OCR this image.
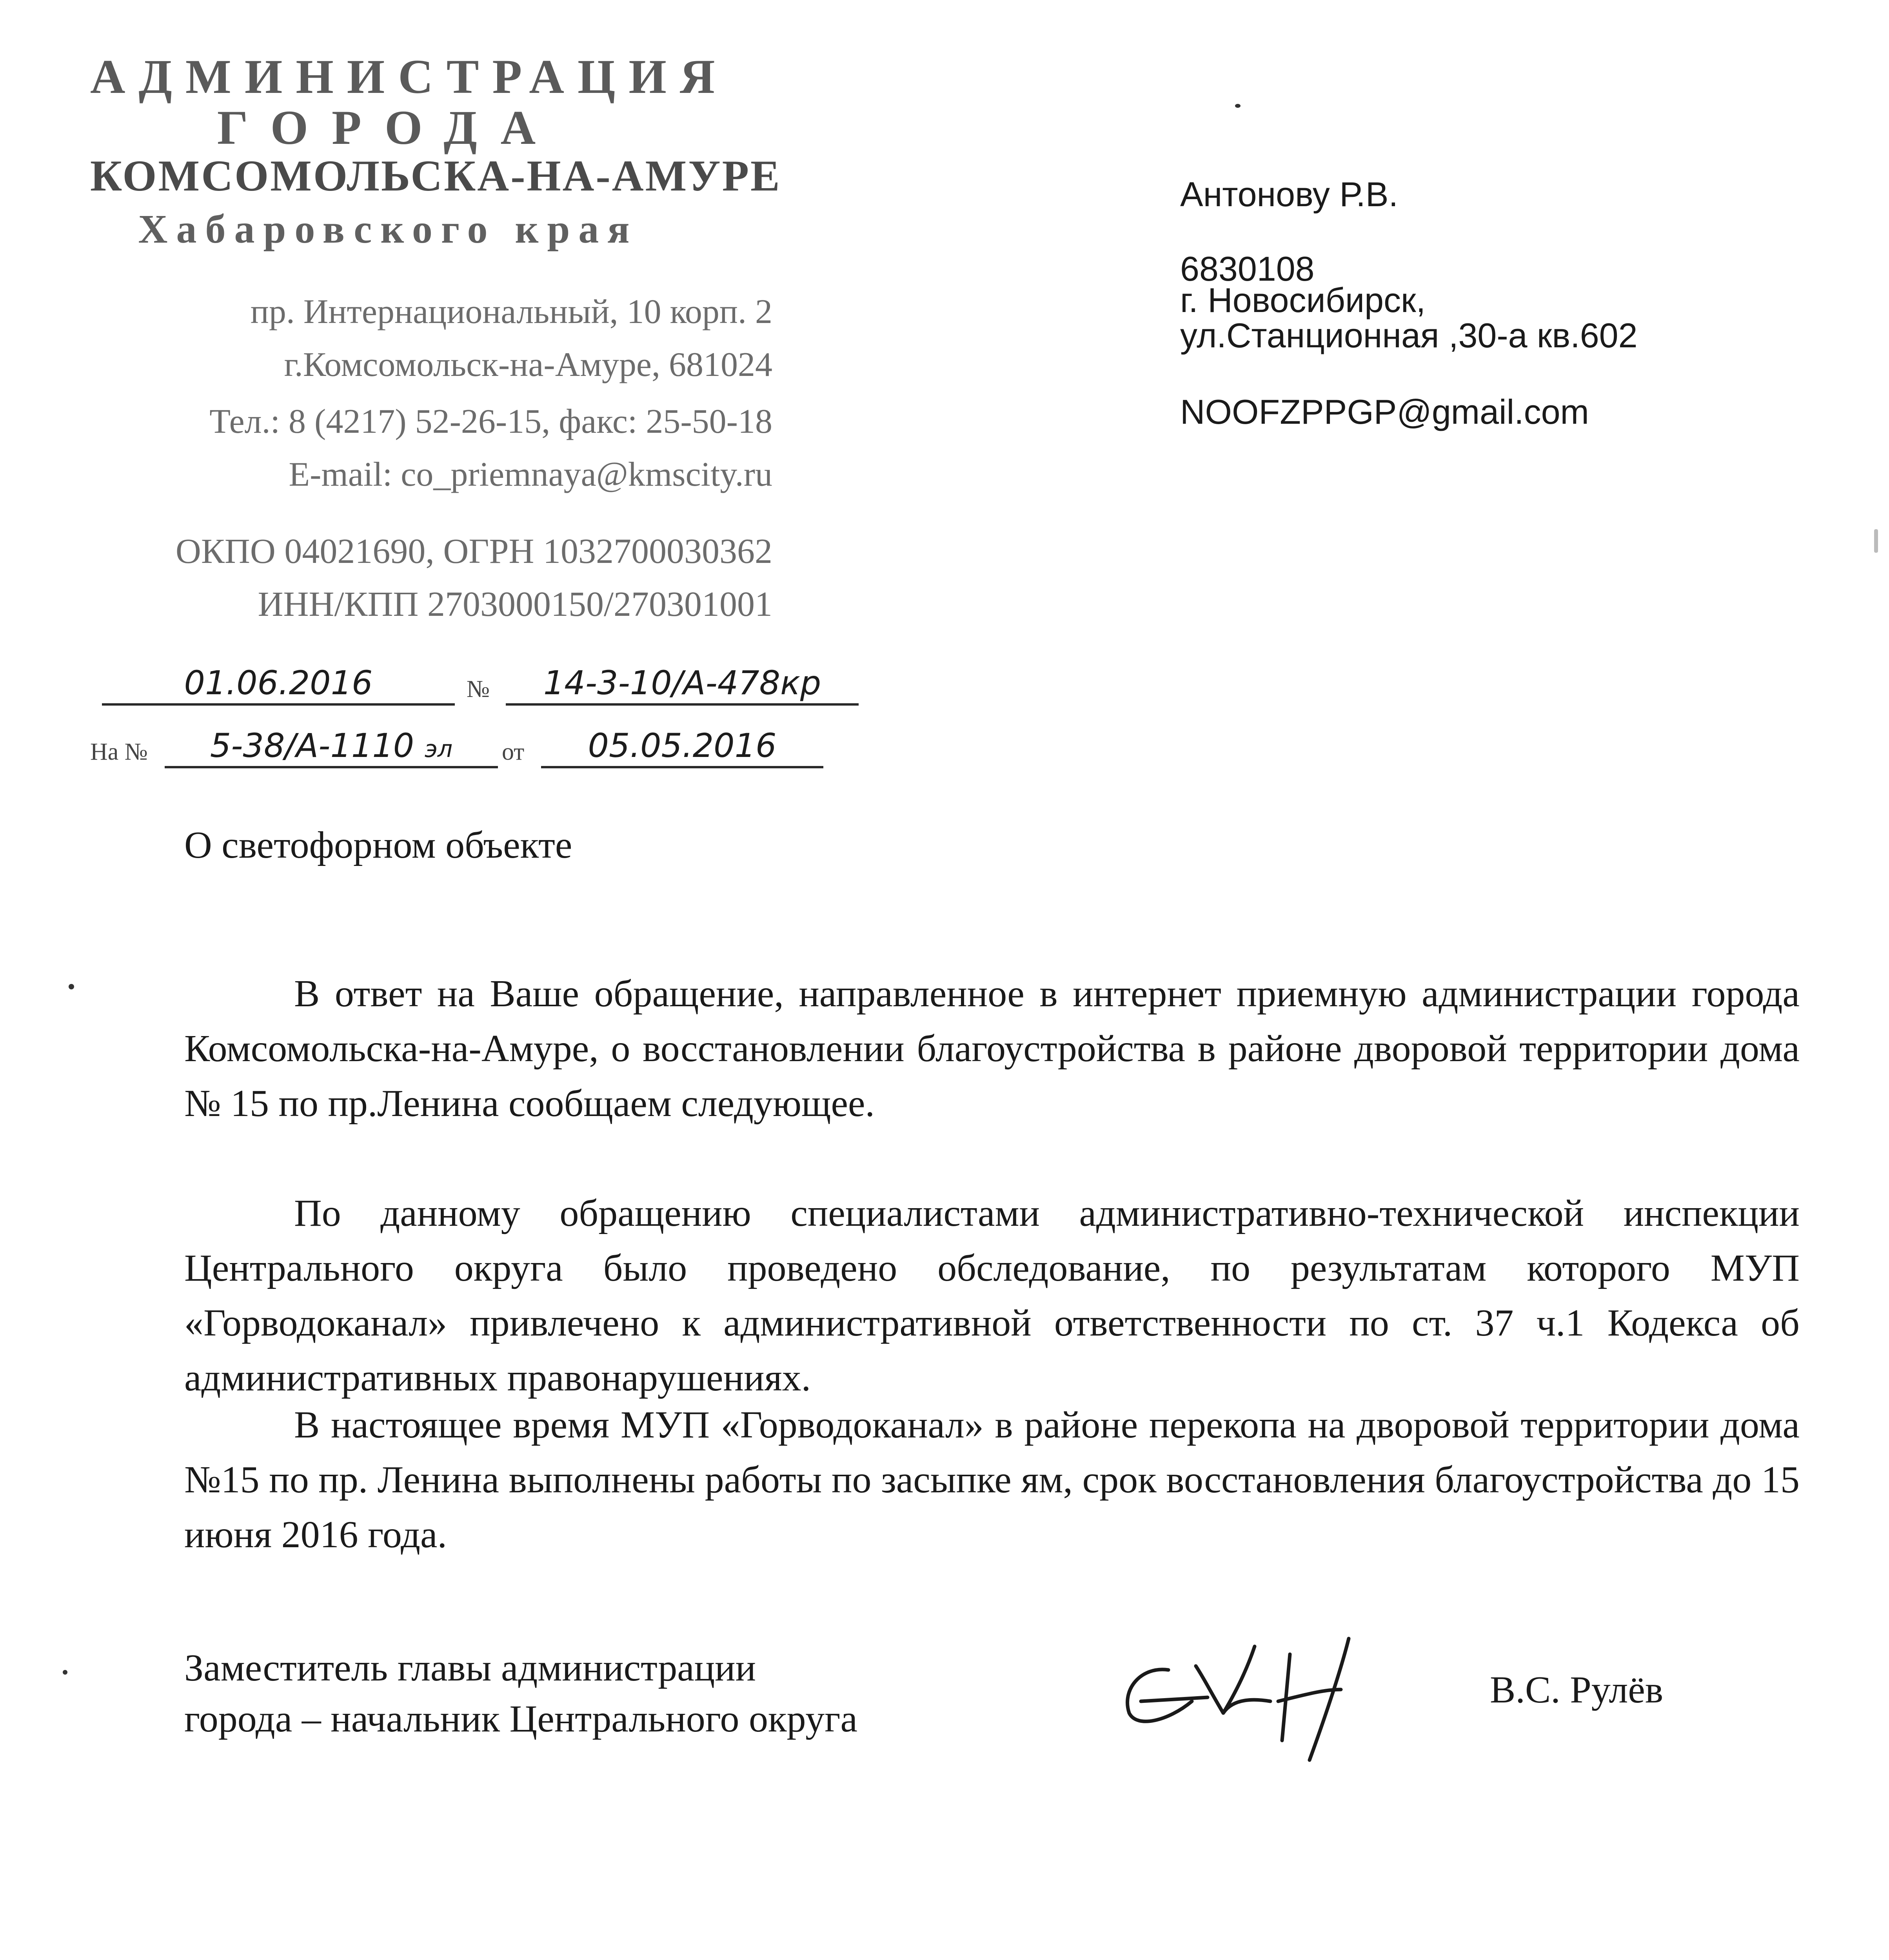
АДМИНИСТРАЦИЯ
ГОРОДА
КОМСОМОЛЬСКА-НА-АМУРЕ
Хабаровского края
пр. Интернациональный, 10 корп. 2
г.Комсомольск-на-Амуре, 681024
Тел.: 8 (4217) 52-26-15, факс: 25-50-18
E-mail: co_priemnaya@kmscity.ru
ОКПО 04021690, ОГРН 1032700030362
ИНН/КПП 2703000150/270301001
01.06.2016	№	14-3-10/А-478кр
На №	5-38/А-1110 эл	от	05.05.2016
Антонову Р.В.
6830108
г. Новосибирск,
ул.Станционная ,30-а кв.602
NOOFZPPGP@gmail.com
О светофорном объекте
В ответ на Ваше обращение, направленное в интернет приемную администрации города Комсомольска-на-Амуре, о восстановлении благоустройства в районе дворовой территории дома № 15 по пр.Ленина сообщаем следующее.
По данному обращению специалистами административно-технической инспекции Центрального округа было проведено обследование, по результатам которого МУП «Горводоканал» привлечено к административной ответственности по ст. 37 ч.1 Кодекса об административных правонарушениях.
В настоящее время МУП «Горводоканал» в районе перекопа на дворовой территории дома №15 по пр. Ленина выполнены работы по засыпке ям, срок восстановления благоустройства до 15 июня 2016 года.
Заместитель главы администрации
города – начальник Центрального округа
В.С. Рулёв
